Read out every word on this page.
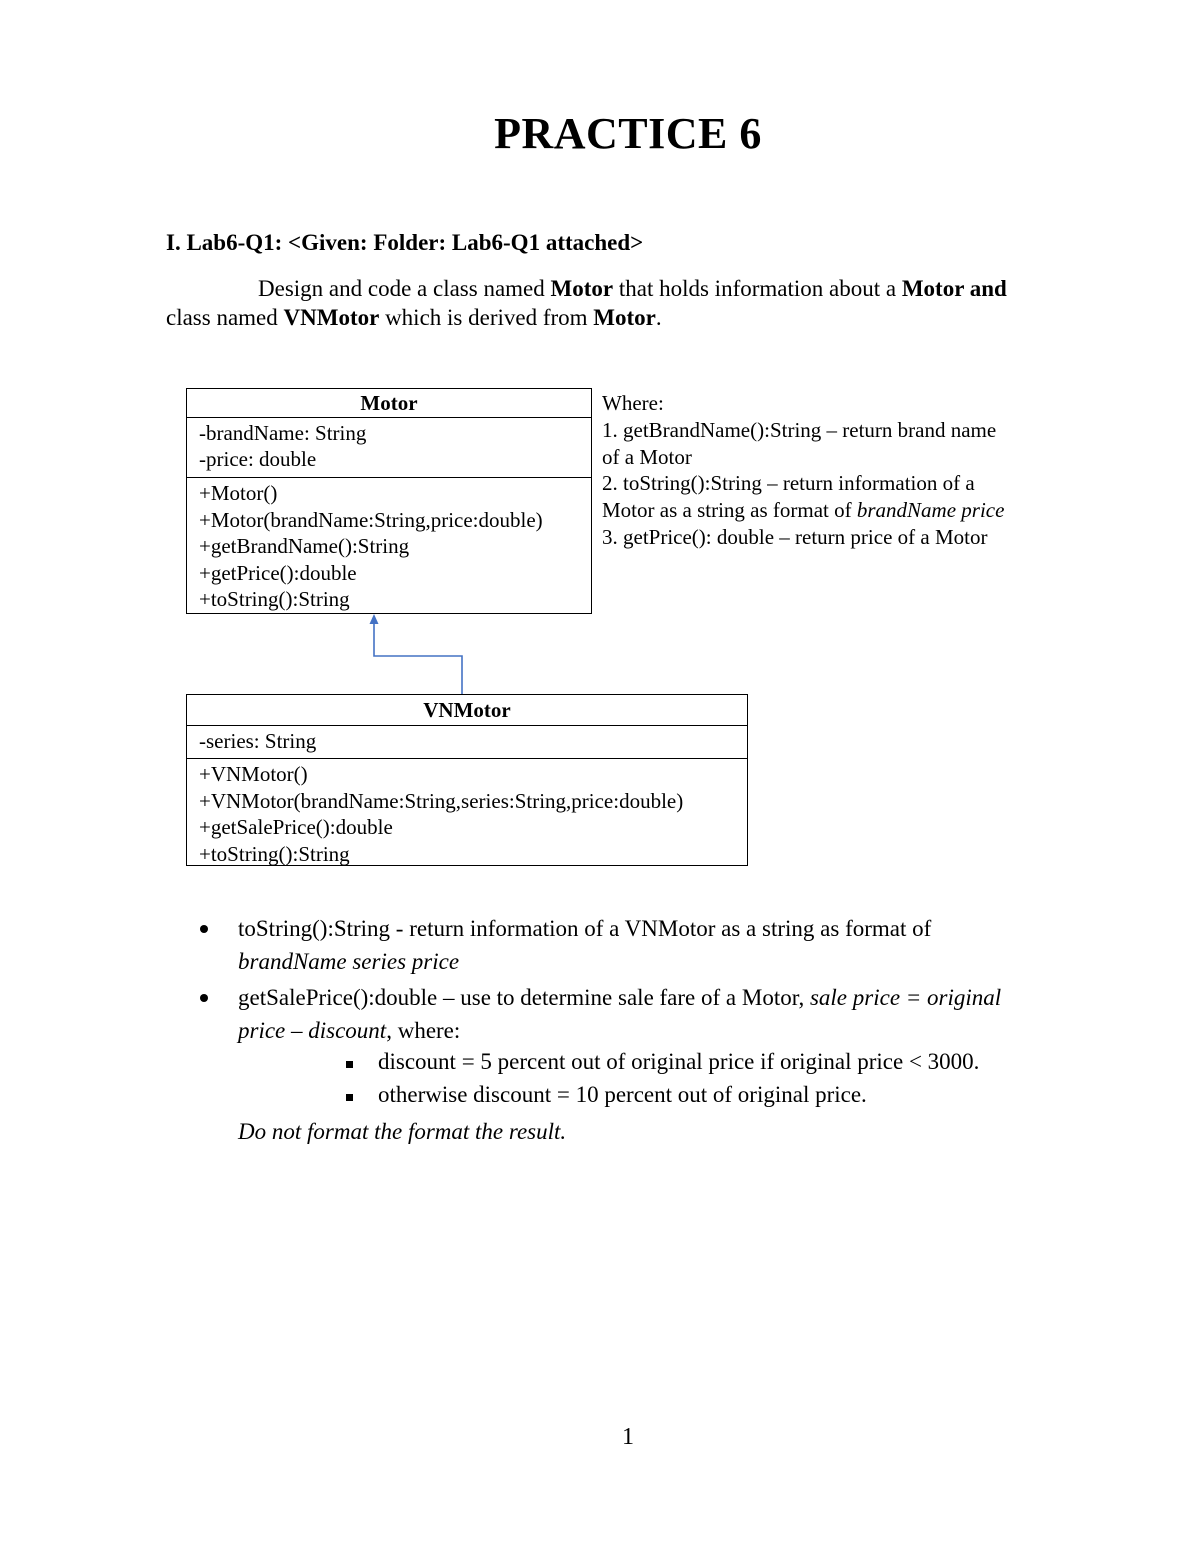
PRACTICE 6
I. Lab6-Q1: <Given: Folder: Lab6-Q1 attached>
Design and code a class named Motor that holds information about a Motor and
class named VNMotor which is derived from Motor.
Motor
-brandName: String
-price: double
+Motor()
+Motor(brandName:String,price:double)
+getBrandName():String
+getPrice():double
+toString():String
Where:
1. getBrandName():String – return brand name
of a Motor
2. toString():String – return information of a
Motor as a string as format of brandName price
3. getPrice(): double – return price of a Motor
VNMotor
-series: String
+VNMotor()
+VNMotor(brandName:String,series:String,price:double)
+getSalePrice():double
+toString():String
toString():String - return information of a VNMotor as a string as format of
brandName series price
getSalePrice():double – use to determine sale fare of a Motor, sale price = original
price – discount, where:
discount = 5 percent out of original price if original price < 3000.
otherwise discount = 10 percent out of original price.
Do not format the format the result.
1
